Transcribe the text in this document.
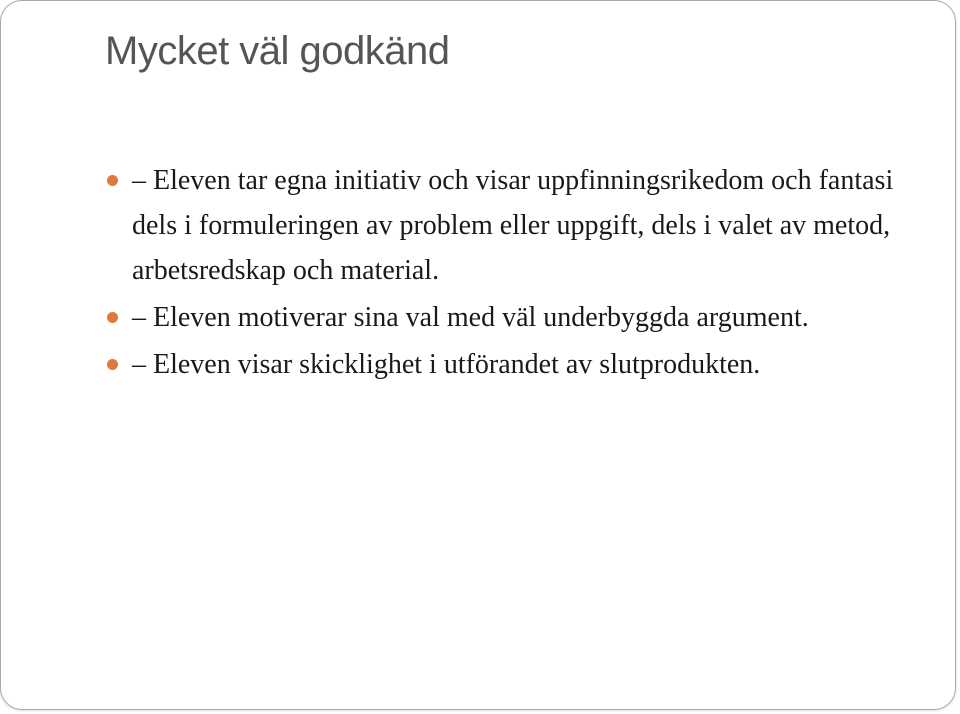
Mycket väl godkänd
– Eleven tar egna initiativ och visar uppfinningsrikedom och fantasi dels i formuleringen av problem eller uppgift, dels i valet av metod, arbetsredskap och material.
– Eleven motiverar sina val med väl underbyggda argument.
– Eleven visar skicklighet i utförandet av slutprodukten.
